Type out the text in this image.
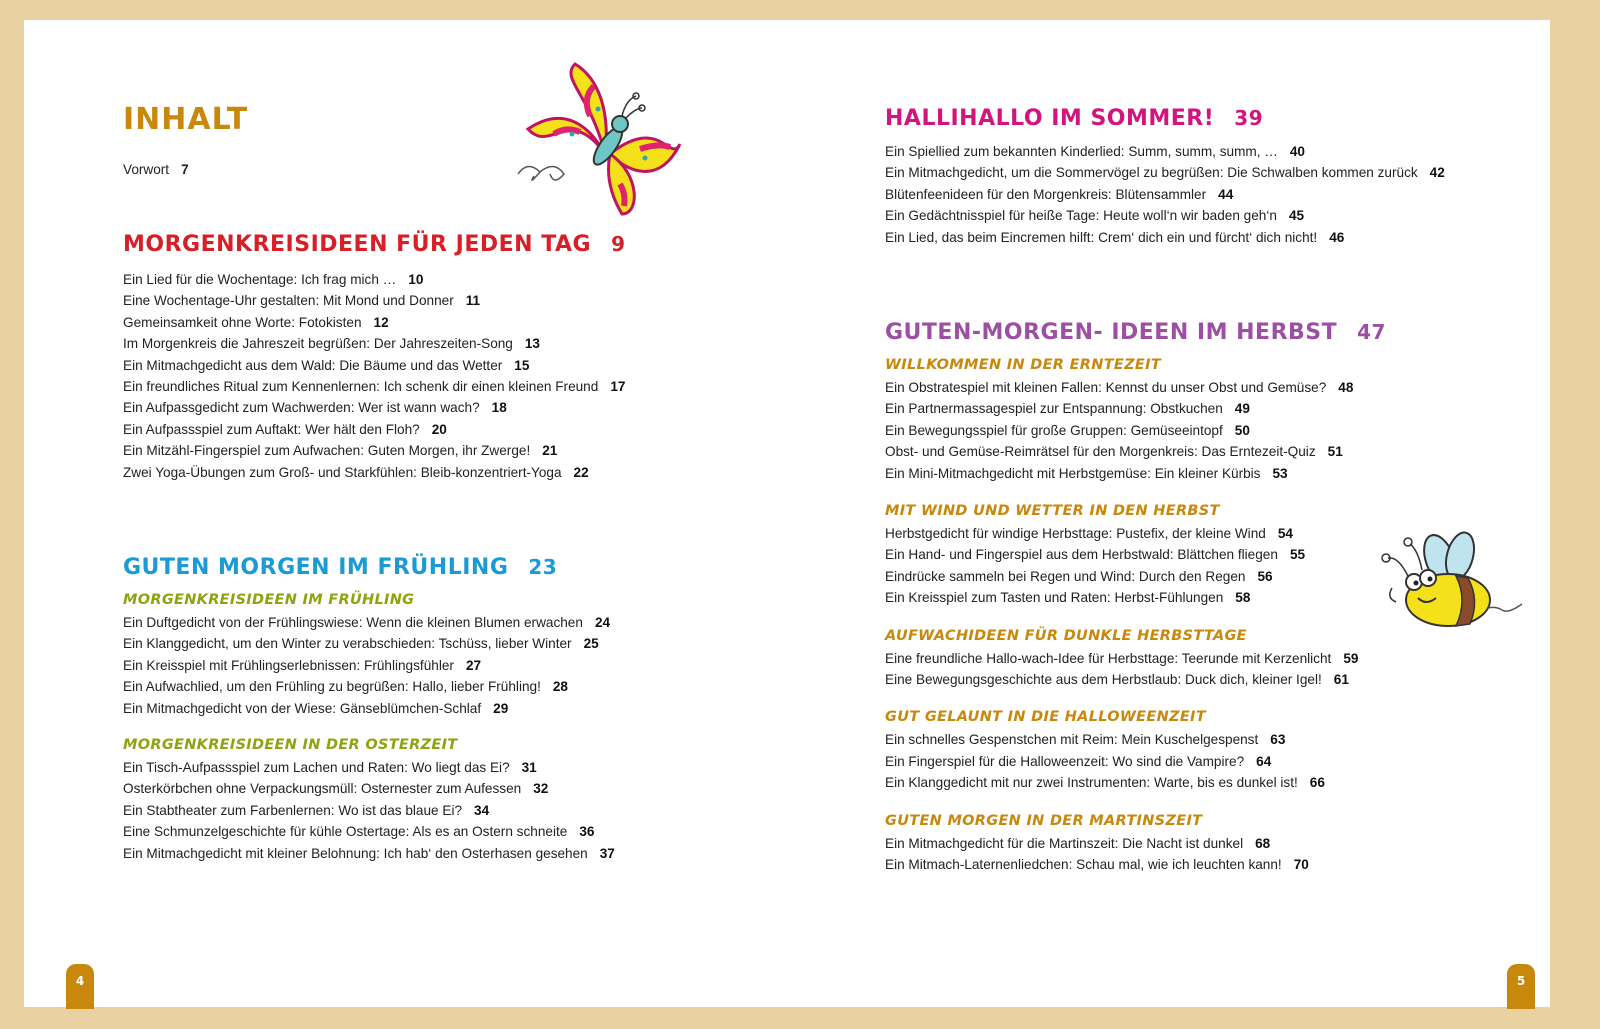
INHALT
Vorwort 7
MORGENKREISIDEEN FÜR JEDEN TAG 9
Ein Lied für die Wochentage: Ich frag mich … 10
Eine Wochentage-Uhr gestalten: Mit Mond und Donner 11
Gemeinsamkeit ohne Worte: Fotokisten 12
Im Morgenkreis die Jahreszeit begrüßen: Der Jahreszeiten-Song 13
Ein Mitmachgedicht aus dem Wald: Die Bäume und das Wetter 15
Ein freundliches Ritual zum Kennenlernen: Ich schenk dir einen kleinen Freund 17
Ein Aufpassgedicht zum Wachwerden: Wer ist wann wach? 18
Ein Aufpassspiel zum Auftakt: Wer hält den Floh? 20
Ein Mitzähl-Fingerspiel zum Aufwachen: Guten Morgen, ihr Zwerge! 21
Zwei Yoga-Übungen zum Groß- und Starkfühlen: Bleib-konzentriert-Yoga 22
GUTEN MORGEN IM FRÜHLING 23
MORGENKREISIDEEN IM FRÜHLING
Ein Duftgedicht von der Frühlingswiese: Wenn die kleinen Blumen erwachen 24
Ein Klanggedicht, um den Winter zu verabschieden: Tschüss, lieber Winter 25
Ein Kreisspiel mit Frühlingserlebnissen: Frühlingsfühler 27
Ein Aufwachlied, um den Frühling zu begrüßen: Hallo, lieber Frühling! 28
Ein Mitmachgedicht von der Wiese: Gänseblümchen-Schlaf 29
MORGENKREISIDEEN IN DER OSTERZEIT
Ein Tisch-Aufpassspiel zum Lachen und Raten: Wo liegt das Ei? 31
Osterkörbchen ohne Verpackungsmüll: Osternester zum Aufessen 32
Ein Stabtheater zum Farbenlernen: Wo ist das blaue Ei? 34
Eine Schmunzelgeschichte für kühle Ostertage: Als es an Ostern schneite 36
Ein Mitmachgedicht mit kleiner Belohnung: Ich hab‘ den Osterhasen gesehen 37
HALLIHALLO IM SOMMER! 39
Ein Spiellied zum bekannten Kinderlied: Summ, summ, summ, … 40
Ein Mitmachgedicht, um die Sommervögel zu begrüßen: Die Schwalben kommen zurück 42
Blütenfeenideen für den Morgenkreis: Blütensammler 44
Ein Gedächtnisspiel für heiße Tage: Heute woll‘n wir baden geh‘n 45
Ein Lied, das beim Eincremen hilft: Crem‘ dich ein und fürcht‘ dich nicht! 46
GUTEN-MORGEN- IDEEN IM HERBST 47
WILLKOMMEN IN DER ERNTEZEIT
Ein Obstratespiel mit kleinen Fallen: Kennst du unser Obst und Gemüse? 48
Ein Partnermassagespiel zur Entspannung: Obstkuchen 49
Ein Bewegungsspiel für große Gruppen: Gemüseeintopf 50
Obst- und Gemüse-Reimrätsel für den Morgenkreis: Das Erntezeit-Quiz 51
Ein Mini-Mitmachgedicht mit Herbstgemüse: Ein kleiner Kürbis 53
MIT WIND UND WETTER IN DEN HERBST
Herbstgedicht für windige Herbsttage: Pustefix, der kleine Wind 54
Ein Hand- und Fingerspiel aus dem Herbstwald: Blättchen fliegen 55
Eindrücke sammeln bei Regen und Wind: Durch den Regen 56
Ein Kreisspiel zum Tasten und Raten: Herbst-Fühlungen 58
AUFWACHIDEEN FÜR DUNKLE HERBSTTAGE
Eine freundliche Hallo-wach-Idee für Herbsttage: Teerunde mit Kerzenlicht 59
Eine Bewegungsgeschichte aus dem Herbstlaub: Duck dich, kleiner Igel! 61
GUT GELAUNT IN DIE HALLOWEENZEIT
Ein schnelles Gespenstchen mit Reim: Mein Kuschelgespenst 63
Ein Fingerspiel für die Halloweenzeit: Wo sind die Vampire? 64
Ein Klanggedicht mit nur zwei Instrumenten: Warte, bis es dunkel ist! 66
GUTEN MORGEN IN DER MARTINSZEIT
Ein Mitmachgedicht für die Martinszeit: Die Nacht ist dunkel 68
Ein Mitmach-Laternenliedchen: Schau mal, wie ich leuchten kann! 70
4	5
